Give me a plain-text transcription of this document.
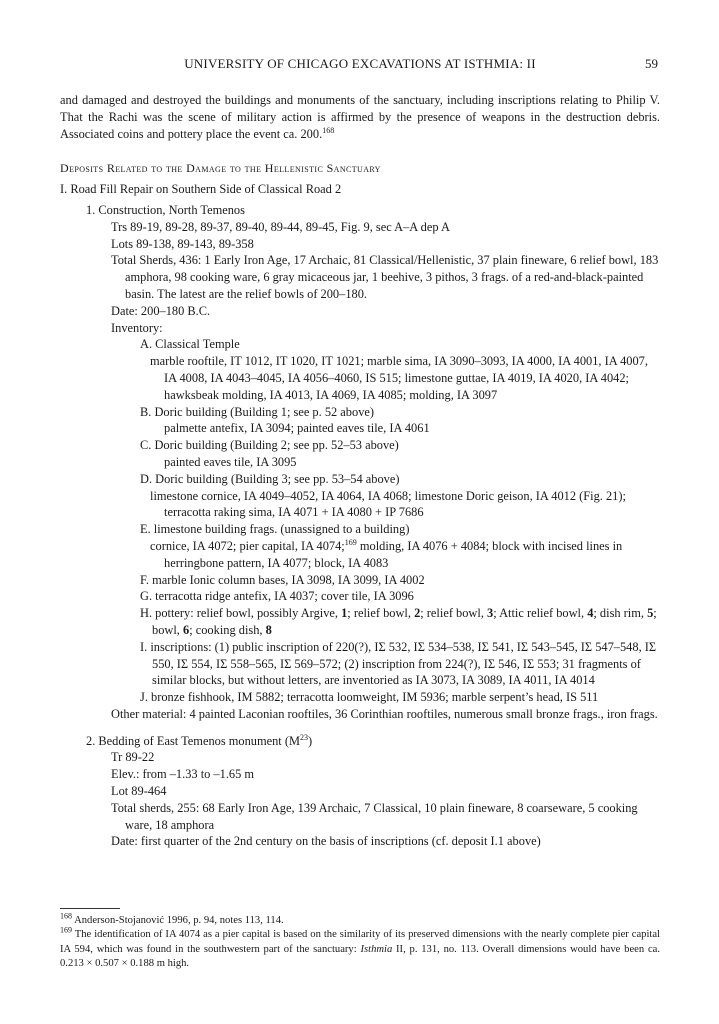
UNIVERSITY OF CHICAGO EXCAVATIONS AT ISTHMIA: II	59

and damaged and destroyed the buildings and monuments of the sanctuary, including inscriptions relating to Philip V. That the Rachi was the scene of military action is affirmed by the presence of weapons in the destruction debris. Associated coins and pottery place the event ca. 200.$^{168}$

Deposits Related to the Damage to the Hellenistic Sanctuary
I. Road Fill Repair on Southern Side of Classical Road 2
1. Construction, North Temenos
Trs 89-19, 89-28, 89-37, 89-40, 89-44, 89-45, Fig. 9, sec A–A dep A
Lots 89-138, 89-143, 89-358
Total Sherds, 436: 1 Early Iron Age, 17 Archaic, 81 Classical/Hellenistic, 37 plain fineware, 6 relief bowl, 183 amphora, 98 cooking ware, 6 gray micaceous jar, 1 beehive, 3 pithos, 3 frags. of a red-and-black-painted basin. The latest are the relief bowls of 200–180.
Date: 200–180 B.C.
Inventory:
A. Classical Temple
marble rooftile, IT 1012, IT 1020, IT 1021; marble sima, IA 3090–3093, IA 4000, IA 4001, IA 4007, IA 4008, IA 4043–4045, IA 4056–4060, IS 515; limestone guttae, IA 4019, IA 4020, IA 4042; hawksbeak molding, IA 4013, IA 4069, IA 4085; molding, IA 3097
B. Doric building (Building 1; see p. 52 above)
palmette antefix, IA 3094; painted eaves tile, IA 4061
C. Doric building (Building 2; see pp. 52–53 above)
painted eaves tile, IA 3095
D. Doric building (Building 3; see pp. 53–54 above)
limestone cornice, IA 4049–4052, IA 4064, IA 4068; limestone Doric geison, IA 4012 (Fig. 21); terracotta raking sima, IA 4071 + IA 4080 + IP 7686
E. limestone building frags. (unassigned to a building)
cornice, IA 4072; pier capital, IA 4074;$^{169}$ molding, IA 4076 + 4084; block with incised lines in herringbone pattern, IA 4077; block, IA 4083
F. marble Ionic column bases, IA 3098, IA 3099, IA 4002
G. terracotta ridge antefix, IA 4037; cover tile, IA 3096
H. pottery: relief bowl, possibly Argive, 1; relief bowl, 2; relief bowl, 3; Attic relief bowl, 4; dish rim, 5; bowl, 6; cooking dish, 8
I. inscriptions: (1) public inscription of 220(?), IΣ 532, IΣ 534–538, IΣ 541, IΣ 543–545, IΣ 547–548, IΣ 550, IΣ 554, IΣ 558–565, IΣ 569–572; (2) inscription from 224(?), IΣ 546, IΣ 553; 31 fragments of similar blocks, but without letters, are inventoried as IA 3073, IA 3089, IA 4011, IA 4014
J. bronze fishhook, IM 5882; terracotta loomweight, IM 5936; marble serpent’s head, IS 511
Other material: 4 painted Laconian rooftiles, 36 Corinthian rooftiles, numerous small bronze frags., iron frags.
2. Bedding of East Temenos monument $(M^{23})$
Tr 89-22
Elev.: from –1.33 to –1.65 m
Lot 89-464
Total sherds, 255: 68 Early Iron Age, 139 Archaic, 7 Classical, 10 plain fineware, 8 coarseware, 5 cooking ware, 18 amphora
Date: first quarter of the 2nd century on the basis of inscriptions (cf. deposit I.1 above)

$^{168}$ Anderson-Stojanović 1996, p. 94, notes 113, 114.

$^{169}$ The identification of IA 4074 as a pier capital is based on the similarity of its preserved dimensions with the nearly complete pier capital IA 594, which was found in the southwestern part of the sanctuary: Isthmia II, p. 131, no. 113. Overall dimensions would have been ca. 0.213 × 0.507 × 0.188 m high.
